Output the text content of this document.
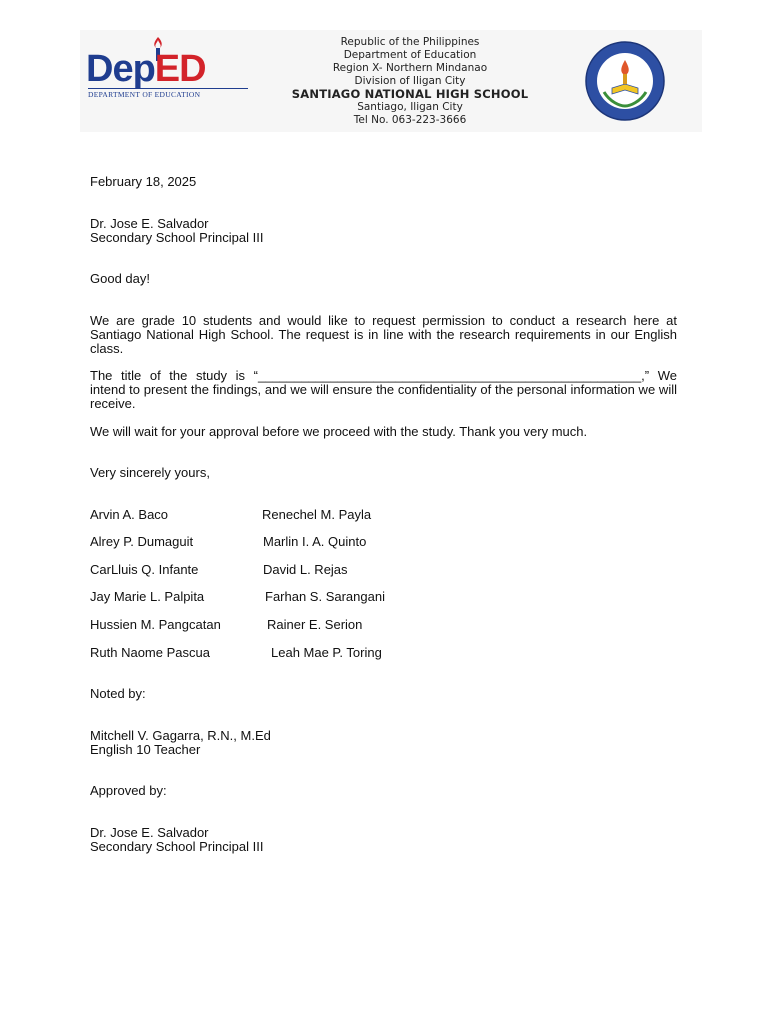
DepED
DEPARTMENT OF EDUCATION
Republic of the Philippines
Department of Education
Region X- Northern Mindanao
Division of Iligan City
SANTIAGO NATIONAL HIGH SCHOOL
Santiago, Iligan City
Tel No. 063-223-3666
February 18, 2025
Dr. Jose E. Salvador
Secondary School Principal III
Good day!
We are grade 10 students and would like to request permission to conduct a research here at Santiago National High School. The request is in line with the research requirements in our English class.
The title of the study is “_____________________________________________________,” We intend to present the findings, and we will ensure the confidentiality of the personal information we will receive.
We will wait for your approval before we proceed with the study. Thank you very much.
Very sincerely yours,
Arvin A. Baco
Alrey P. Dumaguit
CarLluis Q. Infante
Jay Marie L. Palpita
Hussien M. Pangcatan
Ruth Naome Pascua
Renechel M. Payla
Marlin I. A. Quinto
David L. Rejas
Farhan S. Sarangani
Rainer E. Serion
Leah Mae P. Toring
Noted by:
Mitchell V. Gagarra, R.N., M.Ed
English 10 Teacher
Approved by:
Dr. Jose E. Salvador
Secondary School Principal III
